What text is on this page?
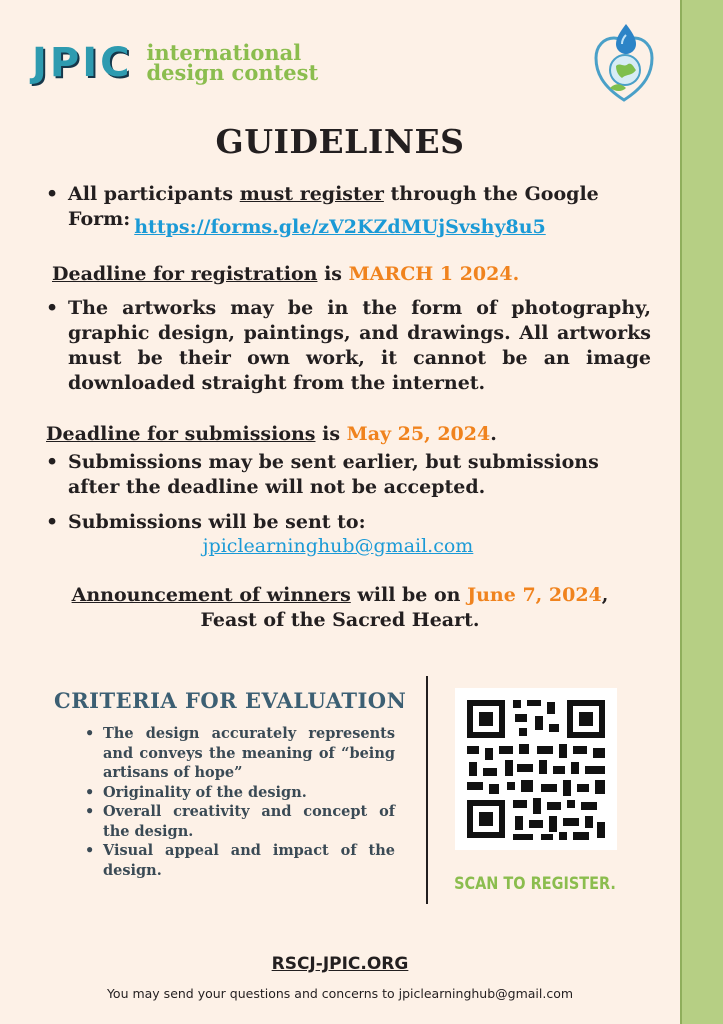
JPIC international
design contest
GUIDELINES
• All participants must register through the Google Form: https://forms.gle/zV2KZdMUjSvshy8u5
Deadline for registration is MARCH 1 2024.
• The artworks may be in the form of photography, graphic design, paintings, and drawings. All artworks must be their own work, it cannot be an image downloaded straight from the internet.
Deadline for submissions is May 25, 2024.
• Submissions may be sent earlier, but submissions after the deadline will not be accepted.
• Submissions will be sent to:
jpiclearninghub@gmail.com
Announcement of winners will be on June 7, 2024,
Feast of the Sacred Heart.
CRITERIA FOR EVALUATION
• The design accurately represents and conveys the meaning of “being artisans of hope”
• Originality of the design.
• Overall creativity and concept of the design.
• Visual appeal and impact of the design.
SCAN TO REGISTER.
RSCJ-JPIC.ORG
You may send your questions and concerns to jpiclearninghub@gmail.com
